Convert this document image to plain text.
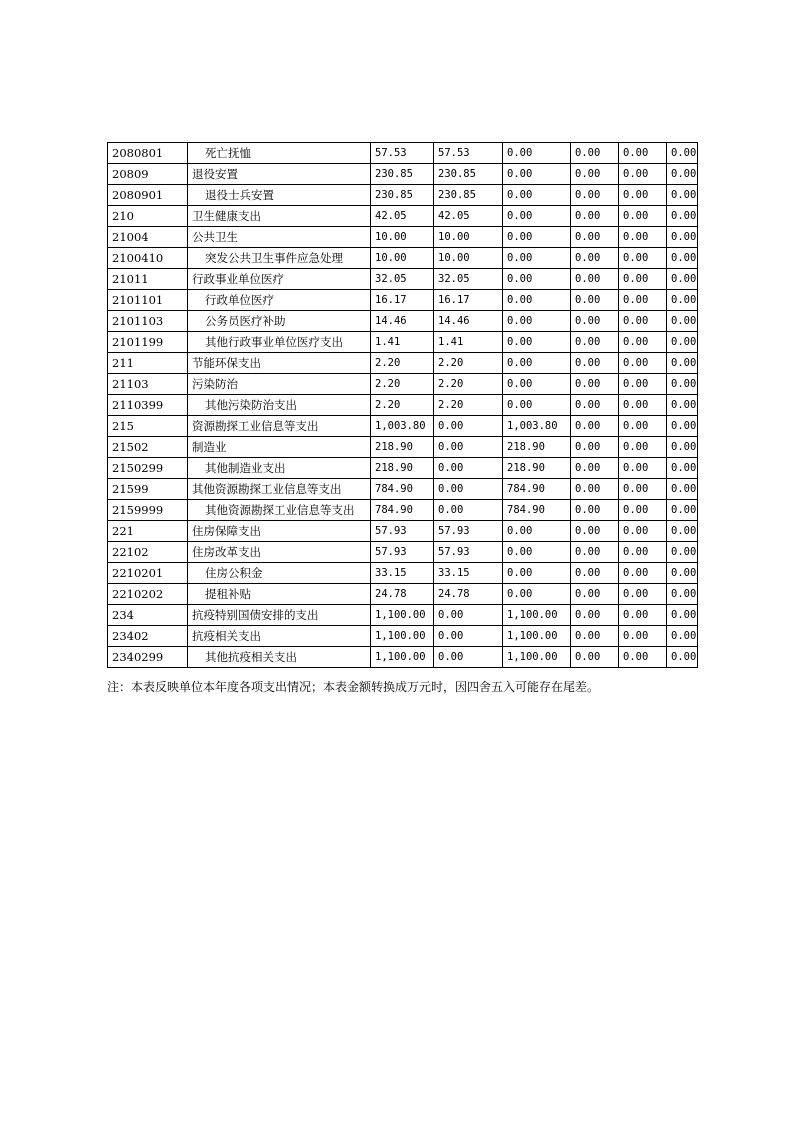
2080801	死亡抚恤	57.53	57.53	0.00	0.00	0.00	0.00
20809	退役安置	230.85	230.85	0.00	0.00	0.00	0.00
2080901	退役士兵安置	230.85	230.85	0.00	0.00	0.00	0.00
210	卫生健康支出	42.05	42.05	0.00	0.00	0.00	0.00
21004	公共卫生	10.00	10.00	0.00	0.00	0.00	0.00
2100410	突发公共卫生事件应急处理	10.00	10.00	0.00	0.00	0.00	0.00
21011	行政事业单位医疗	32.05	32.05	0.00	0.00	0.00	0.00
2101101	行政单位医疗	16.17	16.17	0.00	0.00	0.00	0.00
2101103	公务员医疗补助	14.46	14.46	0.00	0.00	0.00	0.00
2101199	其他行政事业单位医疗支出	1.41	1.41	0.00	0.00	0.00	0.00
211	节能环保支出	2.20	2.20	0.00	0.00	0.00	0.00
21103	污染防治	2.20	2.20	0.00	0.00	0.00	0.00
2110399	其他污染防治支出	2.20	2.20	0.00	0.00	0.00	0.00
215	资源勘探工业信息等支出	1,003.80	0.00	1,003.80	0.00	0.00	0.00
21502	制造业	218.90	0.00	218.90	0.00	0.00	0.00
2150299	其他制造业支出	218.90	0.00	218.90	0.00	0.00	0.00
21599	其他资源勘探工业信息等支出	784.90	0.00	784.90	0.00	0.00	0.00
2159999	其他资源勘探工业信息等支出	784.90	0.00	784.90	0.00	0.00	0.00
221	住房保障支出	57.93	57.93	0.00	0.00	0.00	0.00
22102	住房改革支出	57.93	57.93	0.00	0.00	0.00	0.00
2210201	住房公积金	33.15	33.15	0.00	0.00	0.00	0.00
2210202	提租补贴	24.78	24.78	0.00	0.00	0.00	0.00
234	抗疫特别国债安排的支出	1,100.00	0.00	1,100.00	0.00	0.00	0.00
23402	抗疫相关支出	1,100.00	0.00	1,100.00	0.00	0.00	0.00
2340299	其他抗疫相关支出	1,100.00	0.00	1,100.00	0.00	0.00	0.00
注：本表反映单位本年度各项支出情况；本表金额转换成万元时，因四舍五入可能存在尾差。
